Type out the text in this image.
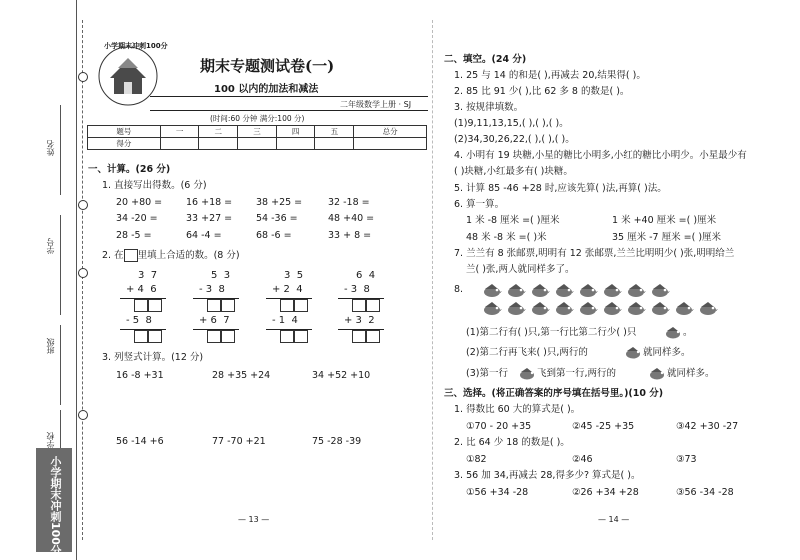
姓名
学号
班级
学校
小学期末冲刺100分
小学期末冲刺100分
期末专题测试卷(一)
100 以内的加法和减法
二年级数学上册 · SJ
(时间:60 分钟 满分:100 分)
题号	一	二	三	四	五	总分
得分						
一、计算。(26 分)
1. 直接写出得数。(6 分)
20 +80 =	16 +18 =	38 +25 =	32 -18 =
34 -20 =	33 +27 =	54 -36 =	48 +40 =
28 -5 =	64 -4 =	68 -6 =	33 + 8 =
2. 在 里填上合适的数。(8 分)
3  7
+ 4  6
- 5  8
5  3
- 3  8
+ 6  7
3  5
+ 2  4
- 1  4
6  4
- 3  8
+ 3  2
3. 列竖式计算。(12 分)
16 -8 +31	28 +35 +24	34 +52 +10
56 -14 +6	77 -70 +21	75 -28 -39
— 13 —
二、填空。(24 分)
1. 25 与 14 的和是( ),再减去 20,结果得( )。
2. 85 比 91 少( ),比 62 多 8 的数是( )。
3. 按规律填数。
(1)9,11,13,15,( ),( ),( )。
(2)34,30,26,22,( ),( ),( )。
4. 小明有 19 块糖,小星的糖比小明多,小红的糖比小明少。小星最少有
( )块糖,小红最多有( )块糖。
5. 计算 85 -46 +28 时,应该先算( )法,再算( )法。
6. 算一算。
1 米 -8 厘米 =( )厘米	1 米 +40 厘米 =( )厘米
48 米 -8 米 =( )米	35 厘米 -7 厘米 =( )厘米
7. 兰兰有 8 张邮票,明明有 12 张邮票,兰兰比明明少( )张,明明给兰
兰( )张,两人就同样多了。
8.
(1)第二行有( )只,第一行比第二行少( )只	。
(2)第二行再飞来( )只,两行的	就同样多。
(3)第一行	飞到第一行,两行的	就同样多。
三、选择。(将正确答案的序号填在括号里。)(10 分)
1. 得数比 60 大的算式是( )。
①70 - 20 +35	②45 -25 +35	③42 +30 -27
2. 比 64 少 18 的数是( )。
①82	②46	③73
3. 56 加 34,再减去 28,得多少? 算式是( )。
①56 +34 -28	②26 +34 +28	③56 -34 -28
— 14 —
